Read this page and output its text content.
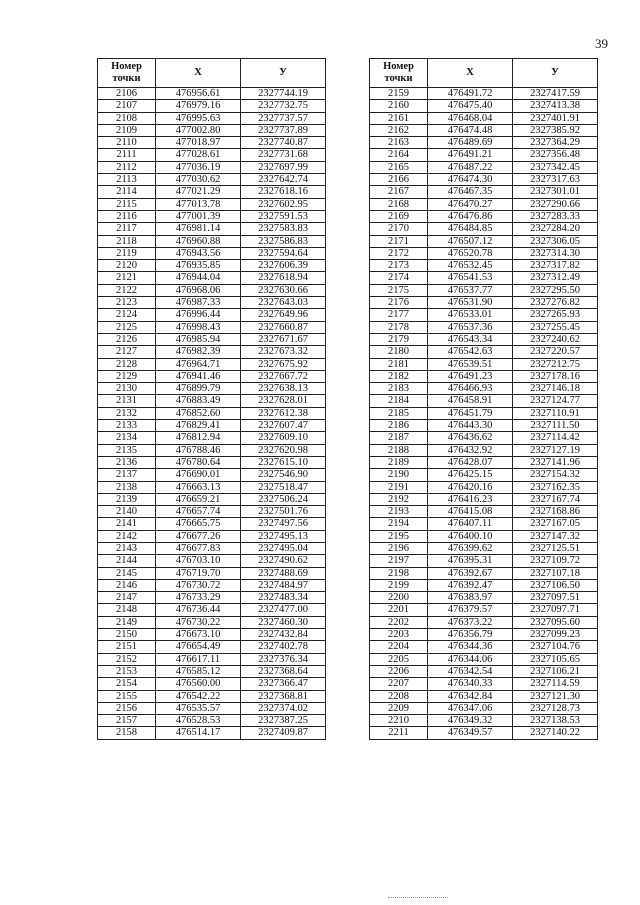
39
Номер
точки	X	У
2106	476956.61	2327744.19
2107	476979.16	2327732.75
2108	476995.63	2327737.57
2109	477002.80	2327737.89
2110	477018.97	2327740.87
2111	477028.61	2327731.68
2112	477036.19	2327697.99
2113	477030.62	2327642.74
2114	477021.29	2327618.16
2115	477013.78	2327602.95
2116	477001.39	2327591.53
2117	476981.14	2327583.83
2118	476960.88	2327586.83
2119	476943.56	2327594.64
2120	476935.85	2327606.39
2121	476944.04	2327618.94
2122	476968.06	2327630.66
2123	476987.33	2327643.03
2124	476996.44	2327649.96
2125	476998.43	2327660.87
2126	476985.94	2327671.67
2127	476982.39	2327673.32
2128	476964.71	2327675.92
2129	476941.46	2327667.72
2130	476899.79	2327638.13
2131	476883.49	2327628.01
2132	476852.60	2327612.38
2133	476829.41	2327607.47
2134	476812.94	2327609.10
2135	476788.46	2327620.98
2136	476780.64	2327615.10
2137	476690.01	2327546.90
2138	476663.13	2327518.47
2139	476659.21	2327506.24
2140	476657.74	2327501.76
2141	476665.75	2327497.56
2142	476677.26	2327495.13
2143	476677.83	2327495.04
2144	476703.10	2327490.62
2145	476719.70	2327488.69
2146	476730.72	2327484.97
2147	476733.29	2327483.34
2148	476736.44	2327477.00
2149	476730.22	2327460.30
2150	476673.10	2327432.84
2151	476654.49	2327402.78
2152	476617.11	2327376.34
2153	476585.12	2327368.64
2154	476560.00	2327366.47
2155	476542.22	2327368.81
2156	476535.57	2327374.02
2157	476528.53	2327387.25
2158	476514.17	2327409.87
Номер
точки	X	У
2159	476491.72	2327417.59
2160	476475.40	2327413.38
2161	476468.04	2327401.91
2162	476474.48	2327385.92
2163	476489.69	2327364.29
2164	476491.21	2327356.48
2165	476487.22	2327342.45
2166	476474.30	2327317.63
2167	476467.35	2327301.01
2168	476470.27	2327290.66
2169	476476.86	2327283.33
2170	476484.85	2327284.20
2171	476507.12	2327306.05
2172	476520.78	2327314.30
2173	476532.45	2327317.82
2174	476541.53	2327312.49
2175	476537.77	2327295.50
2176	476531.90	2327276.82
2177	476533.01	2327265.93
2178	476537.36	2327255.45
2179	476543.34	2327240.62
2180	476542.63	2327220.57
2181	476539.51	2327212.75
2182	476491.23	2327178.16
2183	476466.93	2327146.18
2184	476458.91	2327124.77
2185	476451.79	2327110.91
2186	476443.30	2327111.50
2187	476436.62	2327114.42
2188	476432.92	2327127.19
2189	476428.07	2327141.96
2190	476425.15	2327154.32
2191	476420.16	2327162.35
2192	476416.23	2327167.74
2193	476415.08	2327168.86
2194	476407.11	2327167.05
2195	476400.10	2327147.32
2196	476399.62	2327125.51
2197	476395.31	2327109.72
2198	476392.67	2327107.18
2199	476392.47	2327106.50
2200	476383.97	2327097.51
2201	476379.57	2327097.71
2202	476373.22	2327095.60
2203	476356.79	2327099.23
2204	476344.36	2327104.76
2205	476344.06	2327105.65
2206	476342.54	2327106.21
2207	476340.33	2327114.59
2208	476342.84	2327121.30
2209	476347.06	2327128.73
2210	476349.32	2327138.53
2211	476349.57	2327140.22
